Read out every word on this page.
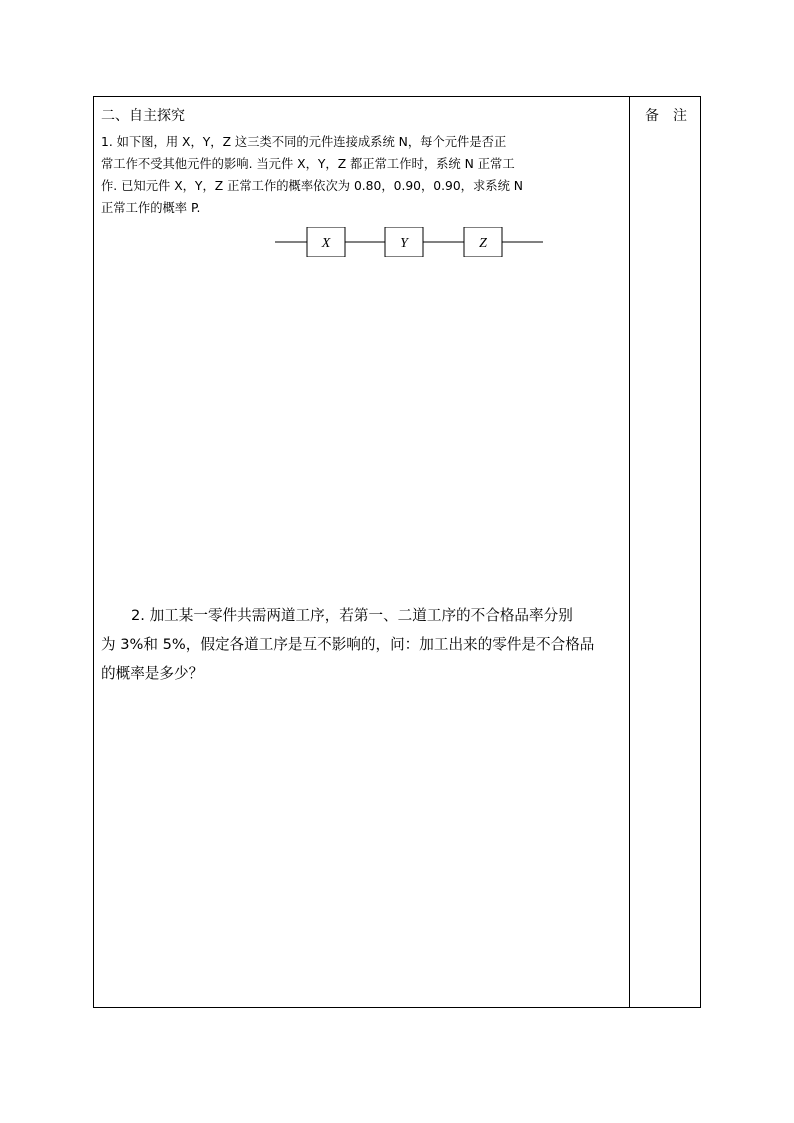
二、自主探究	备　注
1. 如下图，用 X，Y，Z 这三类不同的元件连接成系统 N，每个元件是否正
常工作不受其他元件的影响. 当元件 X，Y，Z 都正常工作时，系统 N 正常工
作. 已知元件 X，Y，Z 正常工作的概率依次为 0.80，0.90，0.90，求系统 N
正常工作的概率 P.
X	Y	Z
2. 加工某一零件共需两道工序，若第一、二道工序的不合格品率分别
为 3%和 5%，假定各道工序是互不影响的，问：加工出来的零件是不合格品
的概率是多少？
